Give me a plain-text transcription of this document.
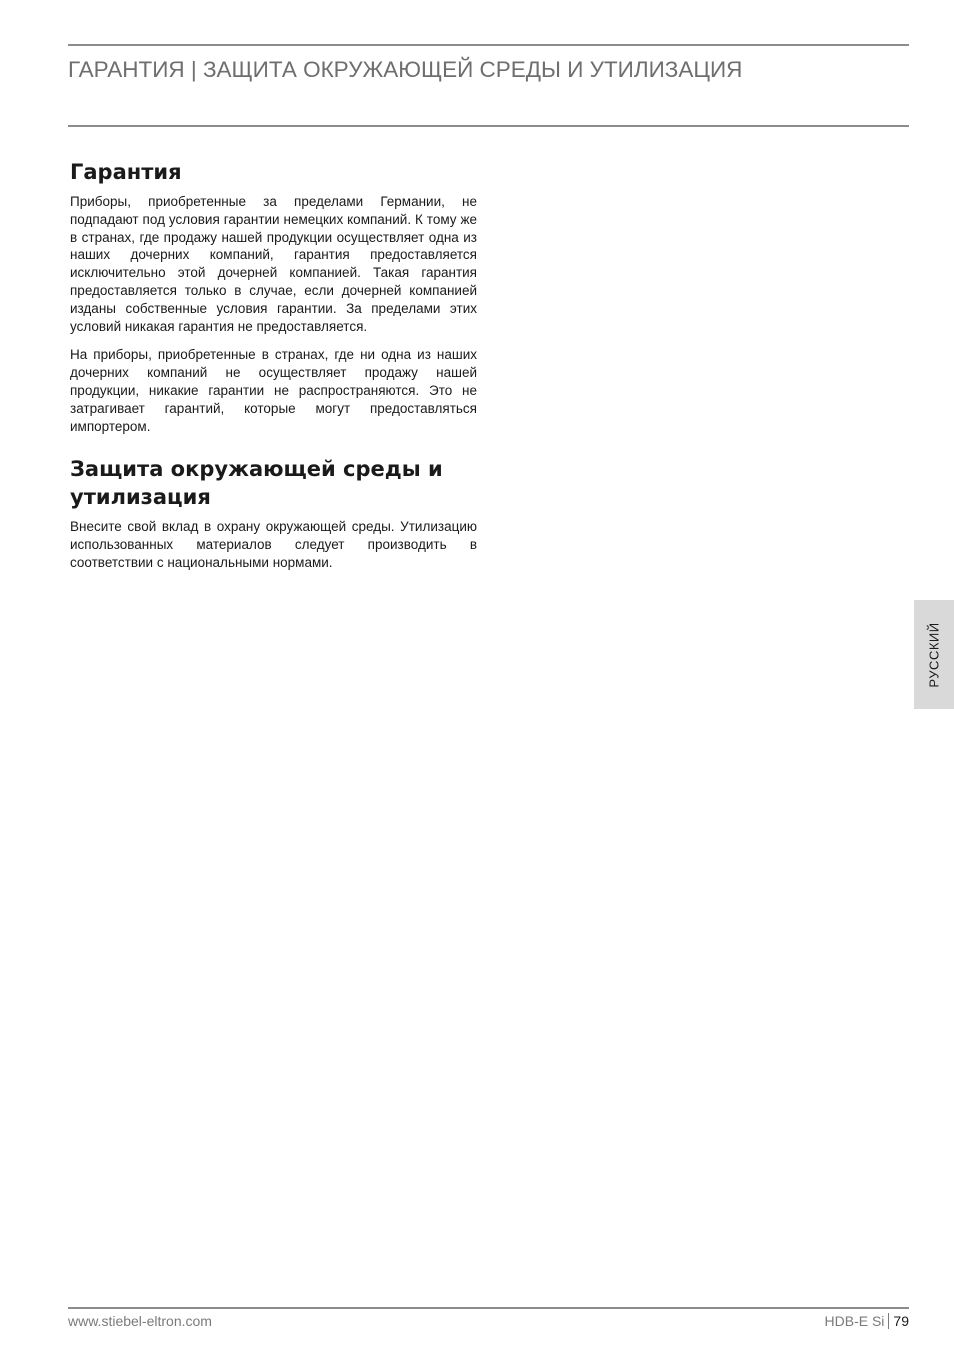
ГАРАНТИЯ | ЗАЩИТА ОКРУЖАЮЩЕЙ СРЕДЫ И УТИЛИЗАЦИЯ
Гарантия

Приборы, приобретенные за пределами Германии, не подпадают под условия гарантии немецких компаний. К тому же в странах, где продажу нашей продукции осуществляет одна из наших дочерних компаний, гарантия предоставляется исключительно этой дочерней компанией. Такая гарантия предоставляется только в случае, если дочерней компанией изданы собственные условия гарантии. За пределами этих условий никакая гарантия не предоставляется.

На приборы, приобретенные в странах, где ни одна из наших дочерних компаний не осуществляет продажу нашей продукции, никакие гарантии не распространяются. Это не затрагивает гарантий, которые могут предоставляться импортером.

Защита окружающей среды и утилизация

Внесите свой вклад в охрану окружающей среды. Утилизацию использованных материалов следует производить в соответствии с национальными нормами.

РУССКИЙ
www.stiebel-eltron.com	HDB-E Si 79
